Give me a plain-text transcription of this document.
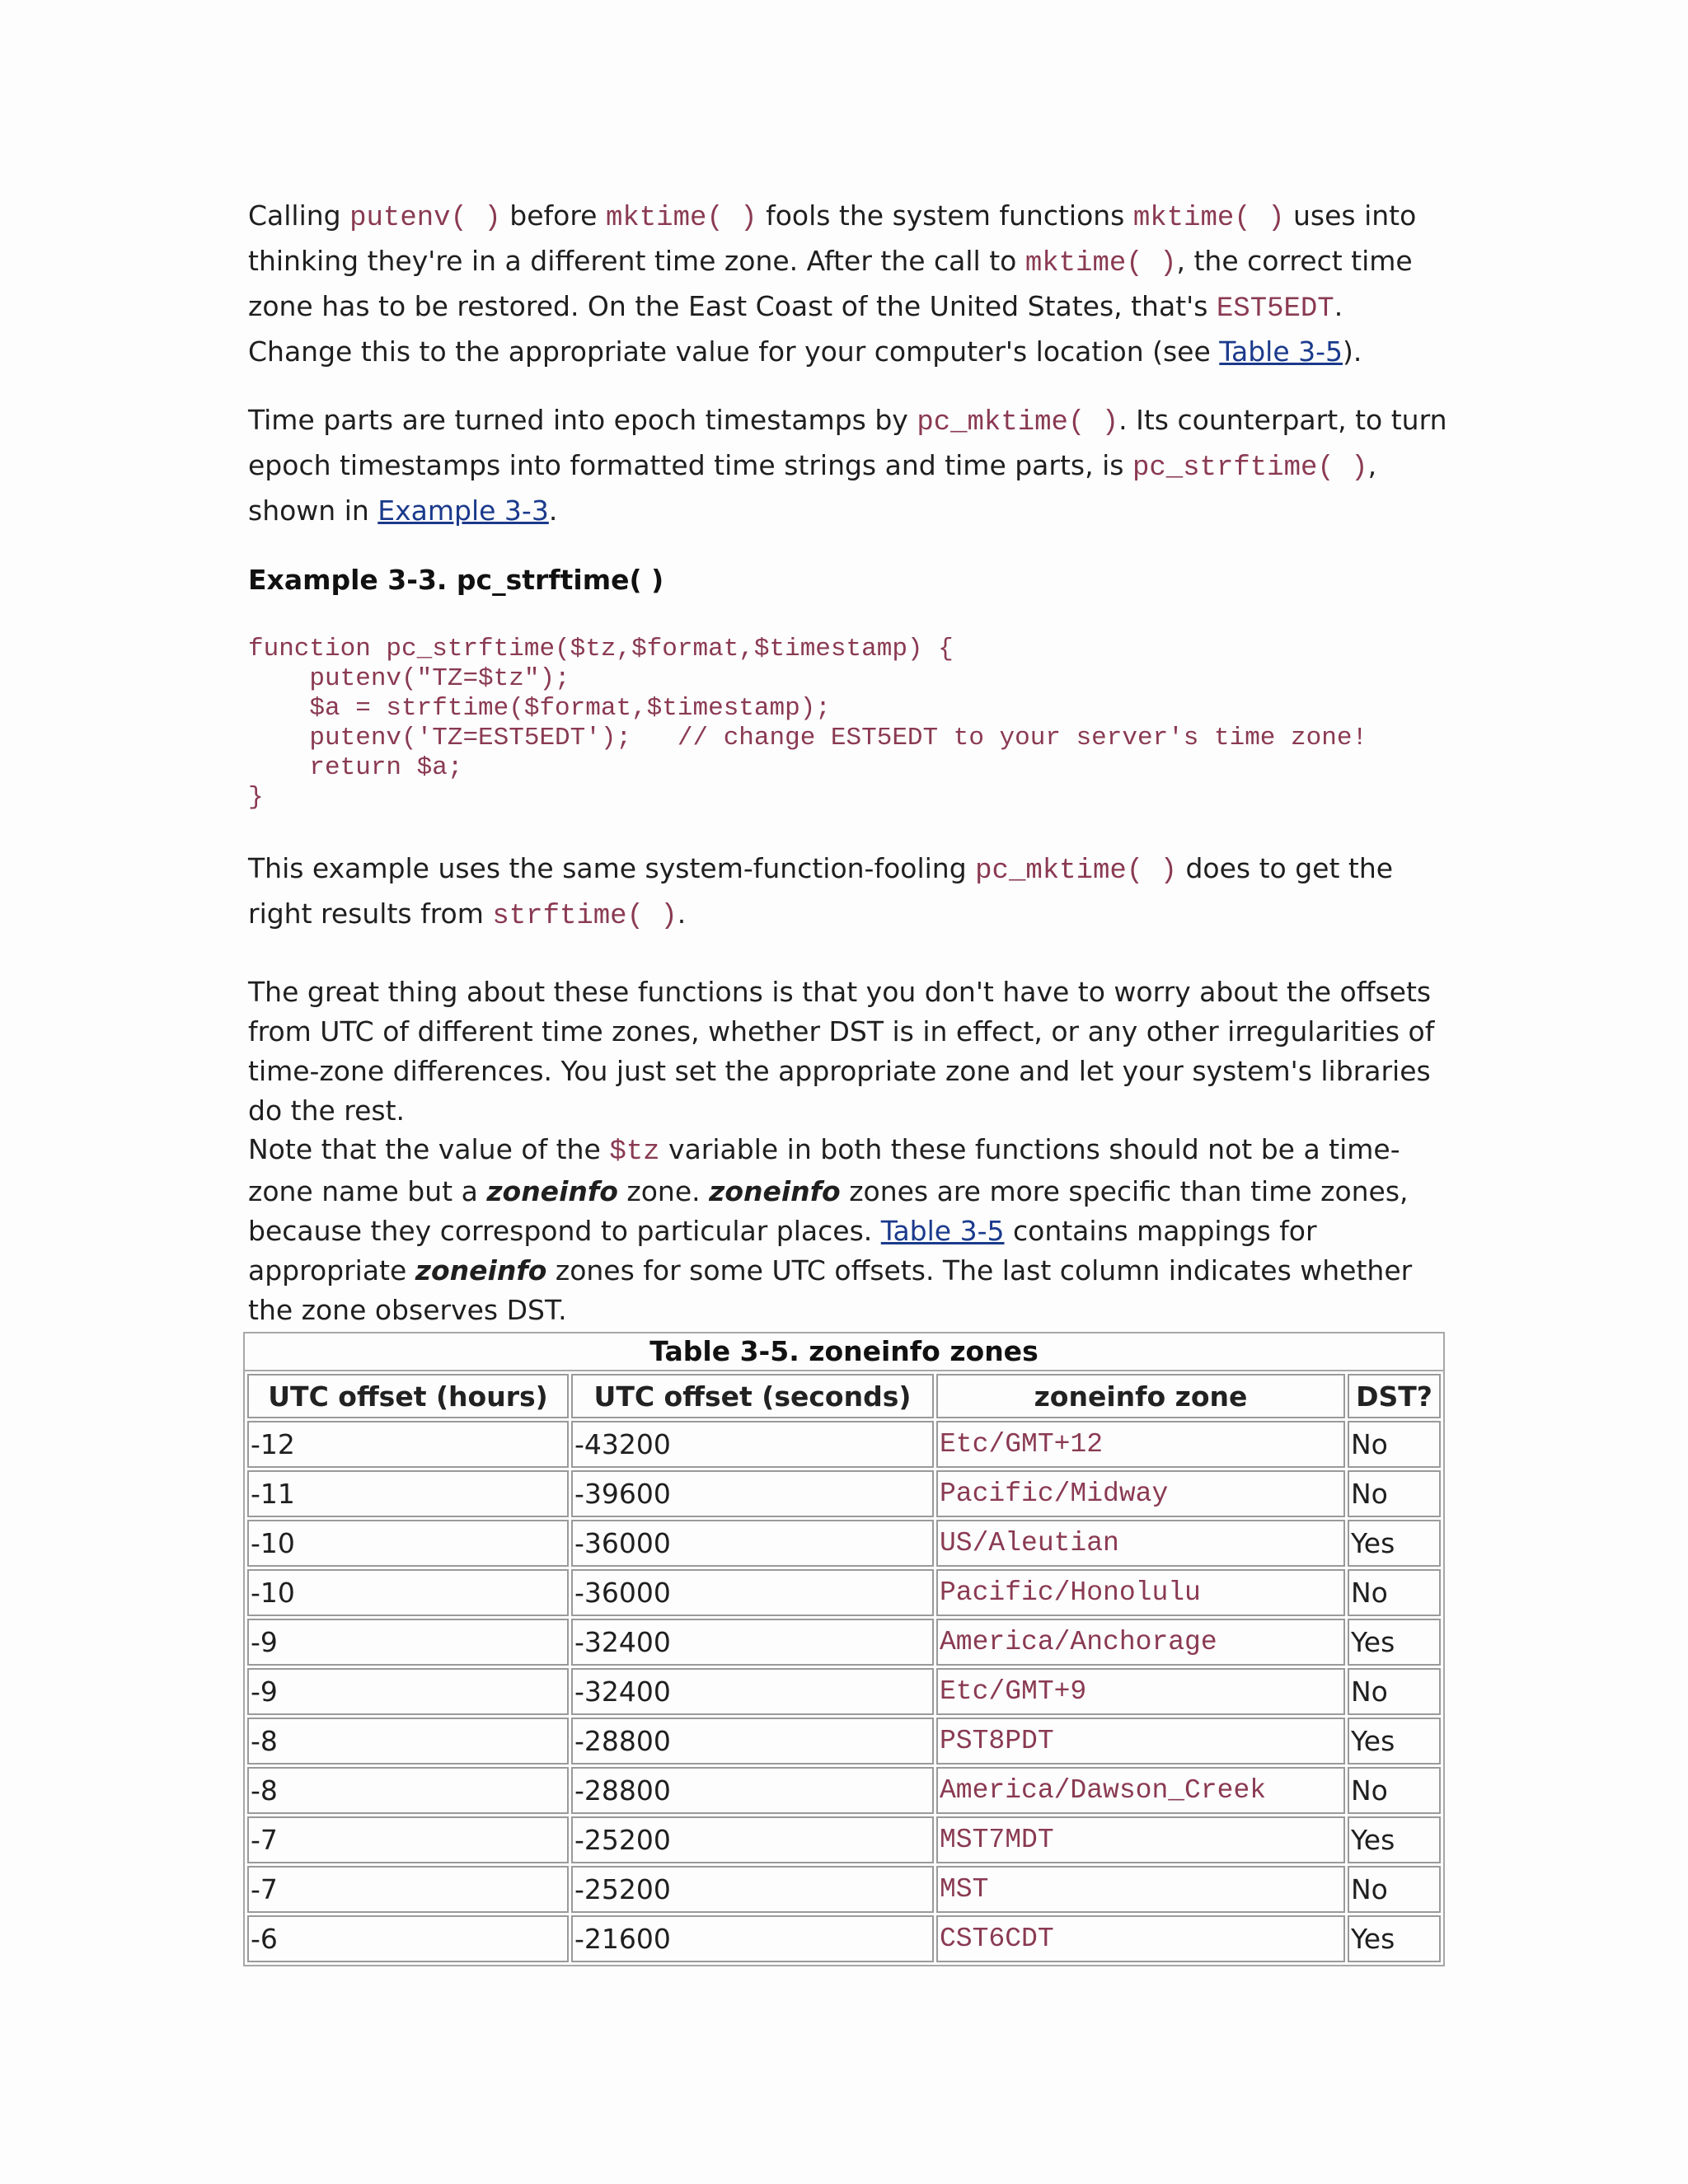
Calling putenv( ) before mktime( ) fools the system functions mktime( ) uses into thinking they're in a different time zone. After the call to mktime( ), the correct time zone has to be restored. On the East Coast of the United States, that's EST5EDT. Change this to the appropriate value for your computer's location (see Table 3-5).

Time parts are turned into epoch timestamps by pc_mktime( ). Its counterpart, to turn epoch timestamps into formatted time strings and time parts, is pc_strftime( ), shown in Example 3-3.

Example 3-3. pc_strftime( )
function pc_strftime($tz,$format,$timestamp) {
putenv("TZ=$tz");
$a = strftime($format,$timestamp);
putenv('TZ=EST5EDT');   // change EST5EDT to your server's time zone!
return $a;
}

This example uses the same system-function-fooling pc_mktime( ) does to get the right results from strftime( ).

The great thing about these functions is that you don't have to worry about the offsets from UTC of different time zones, whether DST is in effect, or any other irregularities of time-zone differences. You just set the appropriate zone and let your system's libraries do the rest.

Note that the value of the $tz variable in both these functions should not be a time-zone name but a zoneinfo zone. zoneinfo zones are more specific than time zones, because they correspond to particular places. Table 3-5 contains mappings for appropriate zoneinfo zones for some UTC offsets. The last column indicates whether the zone observes DST.

Table 3-5. zoneinfo zones
UTC offset (hours)	UTC offset (seconds)	zoneinfo zone	DST?
-12	-43200	Etc/GMT+12	No
-11	-39600	Pacific/Midway	No
-10	-36000	US/Aleutian	Yes
-10	-36000	Pacific/Honolulu	No
-9	-32400	America/Anchorage	Yes
-9	-32400	Etc/GMT+9	No
-8	-28800	PST8PDT	Yes
-8	-28800	America/Dawson_Creek	No
-7	-25200	MST7MDT	Yes
-7	-25200	MST	No
-6	-21600	CST6CDT	Yes
